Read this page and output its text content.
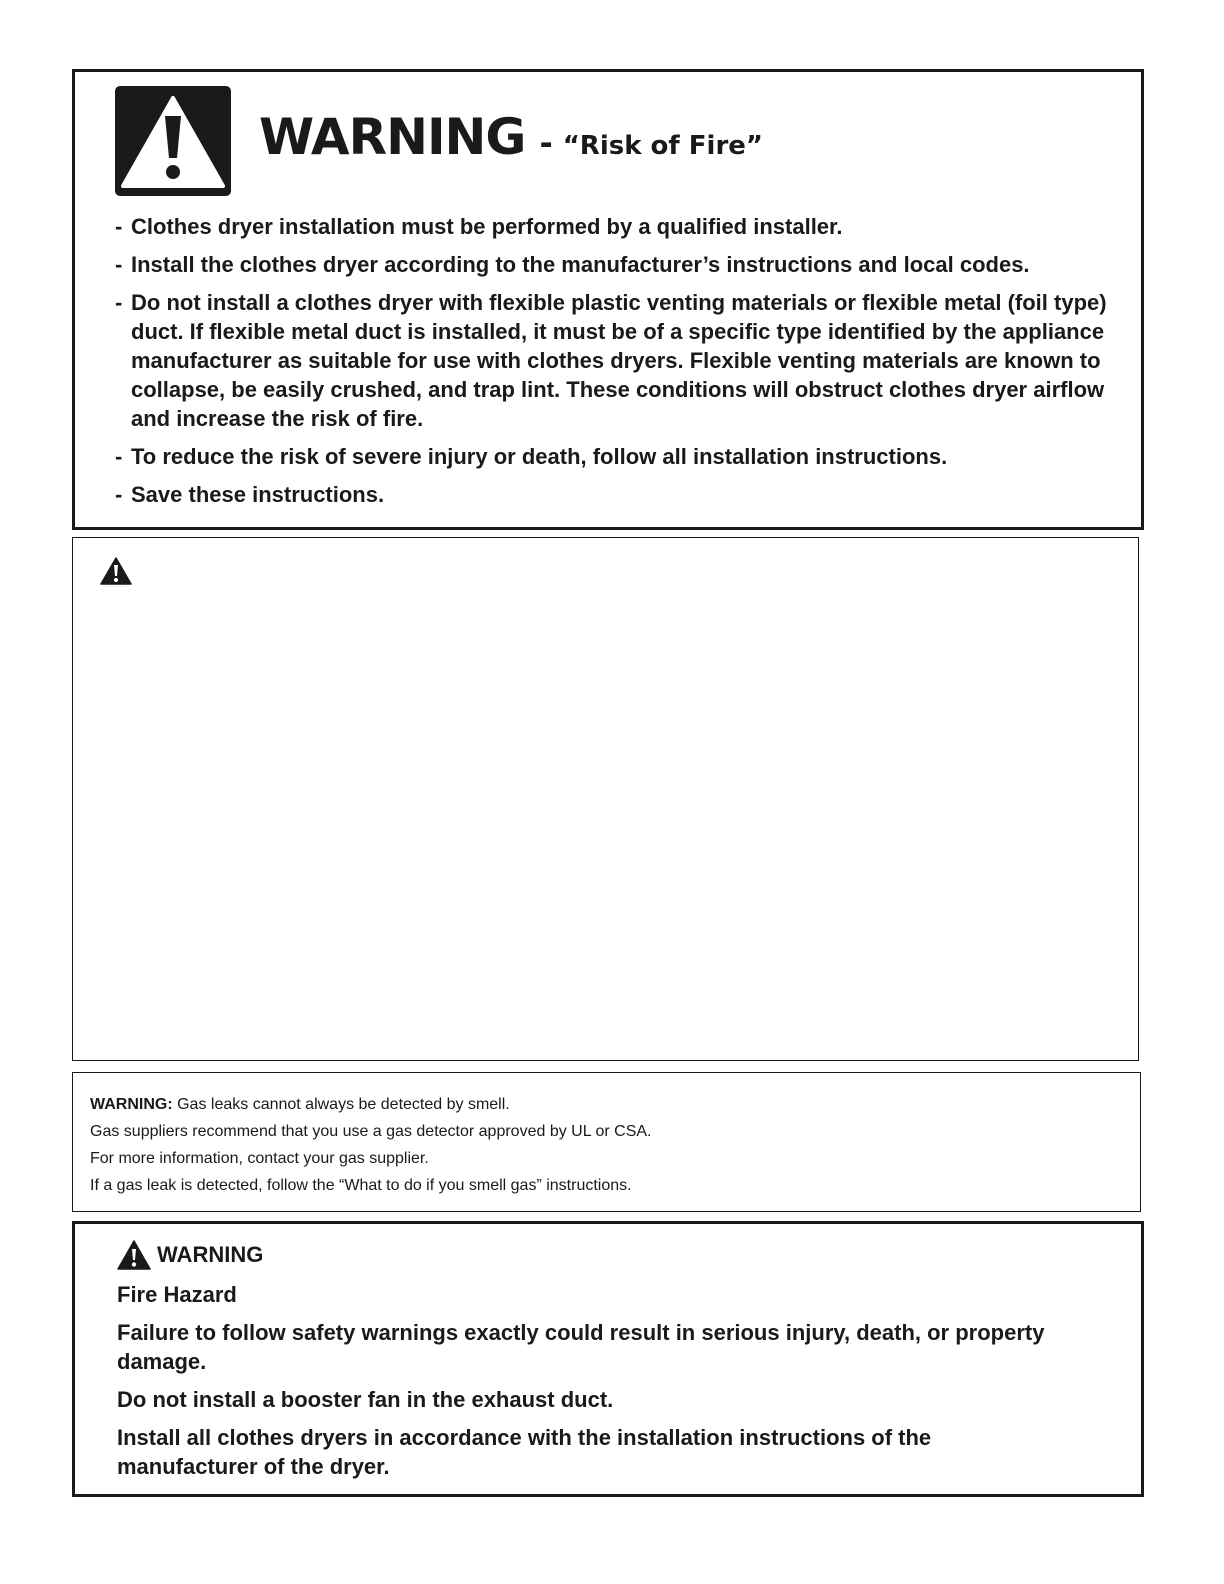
WARNING - “Risk of Fire”
- Clothes dryer installation must be performed by a qualified installer.
- Install the clothes dryer according to the manufacturer’s instructions and local codes.
- Do not install a clothes dryer with flexible plastic venting materials or flexible metal (foil type) duct. If flexible metal duct is installed, it must be of a specific type identified by the appliance manufacturer as suitable for use with clothes dryers. Flexible venting materials are known to collapse, be easily crushed, and trap lint. These conditions will obstruct clothes dryer airflow and increase the risk of fire.
- To reduce the risk of severe injury or death, follow all installation instructions.
- Save these instructions.
WARNING: Gas leaks cannot always be detected by smell.
Gas suppliers recommend that you use a gas detector approved by UL or CSA.
For more information, contact your gas supplier.
If a gas leak is detected, follow the “What to do if you smell gas” instructions.
WARNING

Fire Hazard

Failure to follow safety warnings exactly could result in serious injury, death, or property damage.

Do not install a booster fan in the exhaust duct.

Install all clothes dryers in accordance with the installation instructions of the manufacturer of the dryer.
